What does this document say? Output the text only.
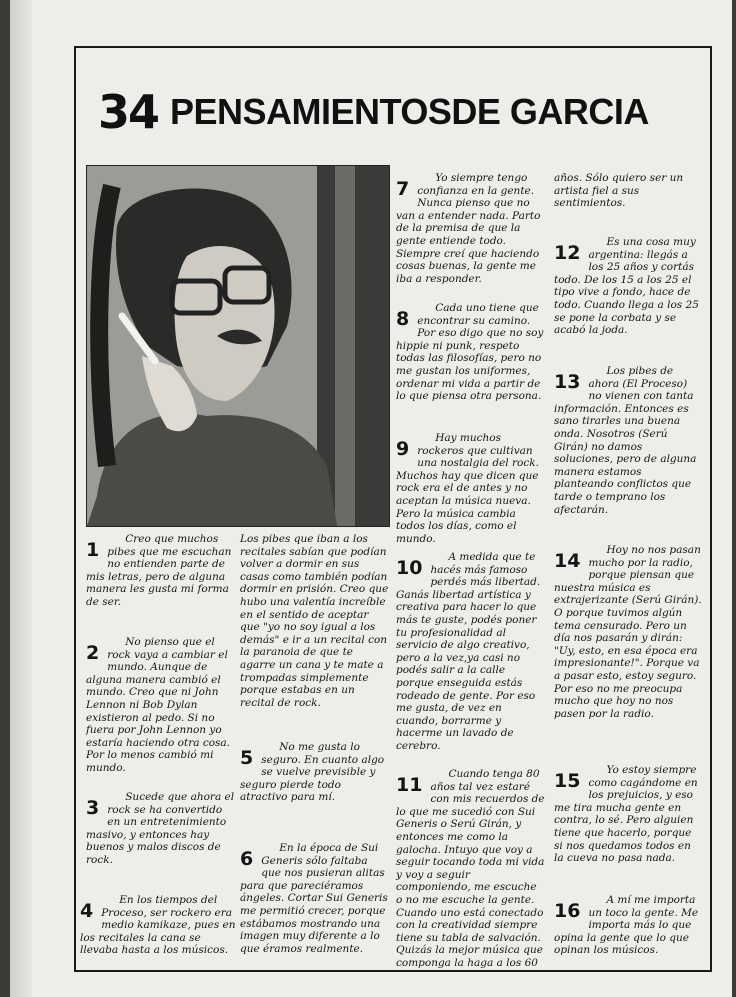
34 PENSAMIENTOSDE GARCIA
1	Creo que muchos pibes que me escuchan no entienden parte de mis letras, pero de alguna manera les gusta mi forma de ser.
2	No pienso que el rock vaya a cambiar el mundo. Aunque de alguna manera cambió el mundo. Creo que ni John Lennon ni Bob Dylan existieron al pedo. Si no fuera por John Lennon yo estaría haciendo otra cosa. Por lo menos cambió mi mundo.
3	Sucede que ahora el rock se ha convertido en un entretenimiento masivo, y entonces hay buenos y malos discos de rock.
4	En los tiempos del Proceso, ser rockero era medio kamikaze, pues en los recitales la cana se llevaba hasta a los músicos.
Los pibes que iban a los recitales sabían que podían volver a dormir en sus casas como también podían dormir en prisión. Creo que hubo una valentía increíble en el sentido de aceptar que "yo no soy igual a los demás" e ir a un recital con la paranoia de que te agarre un cana y te mate a trompadas simplemente porque estabas en un recital de rock.
5	No me gusta lo seguro. En cuanto algo se vuelve previsible y seguro pierde todo atractivo para mí.
6	En la época de Sui Generis sólo faltaba que nos pusieran alitas para que pareciéramos ángeles. Cortar Sui Generis me permitió crecer, porque estábamos mostrando una imagen muy diferente a lo que éramos realmente.
7	Yo siempre tengo confianza en la gente. Nunca pienso que no van a entender nada. Parto de la premisa de que la gente entiende todo. Siempre creí que haciendo cosas buenas, la gente me iba a responder.
8	Cada uno tiene que encontrar su camino. Por eso digo que no soy hippie ni punk, respeto todas las filosofías, pero no me gustan los uniformes, ordenar mi vida a partir de lo que piensa otra persona.
9	Hay muchos rockeros que cultivan una nostalgia del rock. Muchos hay que dicen que rock era el de antes y no aceptan la música nueva. Pero la música cambia todos los días, como el mundo.
10	A medida que te hacés más famoso perdés más libertad. Ganás libertad artística y creativa para hacer lo que más te guste, podés poner tu profesionalidad al servicio de algo creativo, pero a la vez,ya casi no podés salir a la calle porque enseguida estás rodeado de gente. Por eso me gusta, de vez en cuando, borrarme y hacerme un lavado de cerebro.
11	Cuando tenga 80 años tal vez estaré con mis recuerdos de lo que me sucedió con Sui Generis o Serú Girán, y entonces me como la galocha. Intuyo que voy a seguir tocando toda mi vida y voy a seguir componiendo, me escuche o no me escuche la gente. Cuando uno está conectado con la creatividad siempre tiene su tabla de salvación. Quizás la mejor música que componga la haga a los 60
años. Sólo quiero ser un artista fiel a sus sentimientos.
12	Es una cosa muy argentina: llegás a los 25 años y cortás todo. De los 15 a los 25 el tipo vive a fondo, hace de todo. Cuando llega a los 25 se pone la corbata y se acabó la joda.
13	Los pibes de ahora (El Proceso) no vienen con tanta información. Entonces es sano tirarles una buena onda. Nosotros (Serú Girán) no damos soluciones, pero de alguna manera estamos planteando conflictos que tarde o temprano los afectarán.
14	Hoy no nos pasan mucho por la radio, porque piensan que nuestra música es extrajerizante (Serú Girán). O porque tuvimos algún tema censurado. Pero un día nos pasarán y dirán: "Uy, esto, en esa época era impresionante!". Porque va a pasar esto, estoy seguro. Por eso no me preocupa mucho que hoy no nos pasen por la radio.
15	Yo estoy siempre como cagándome en los prejuicios, y eso me tira mucha gente en contra, lo sé. Pero alguien tiene que hacerlo, porque si nos quedamos todos en la cueva no pasa nada.
16	A mí me importa un toco la gente. Me importa más lo que opina la gente que lo que opinan los músicos.
